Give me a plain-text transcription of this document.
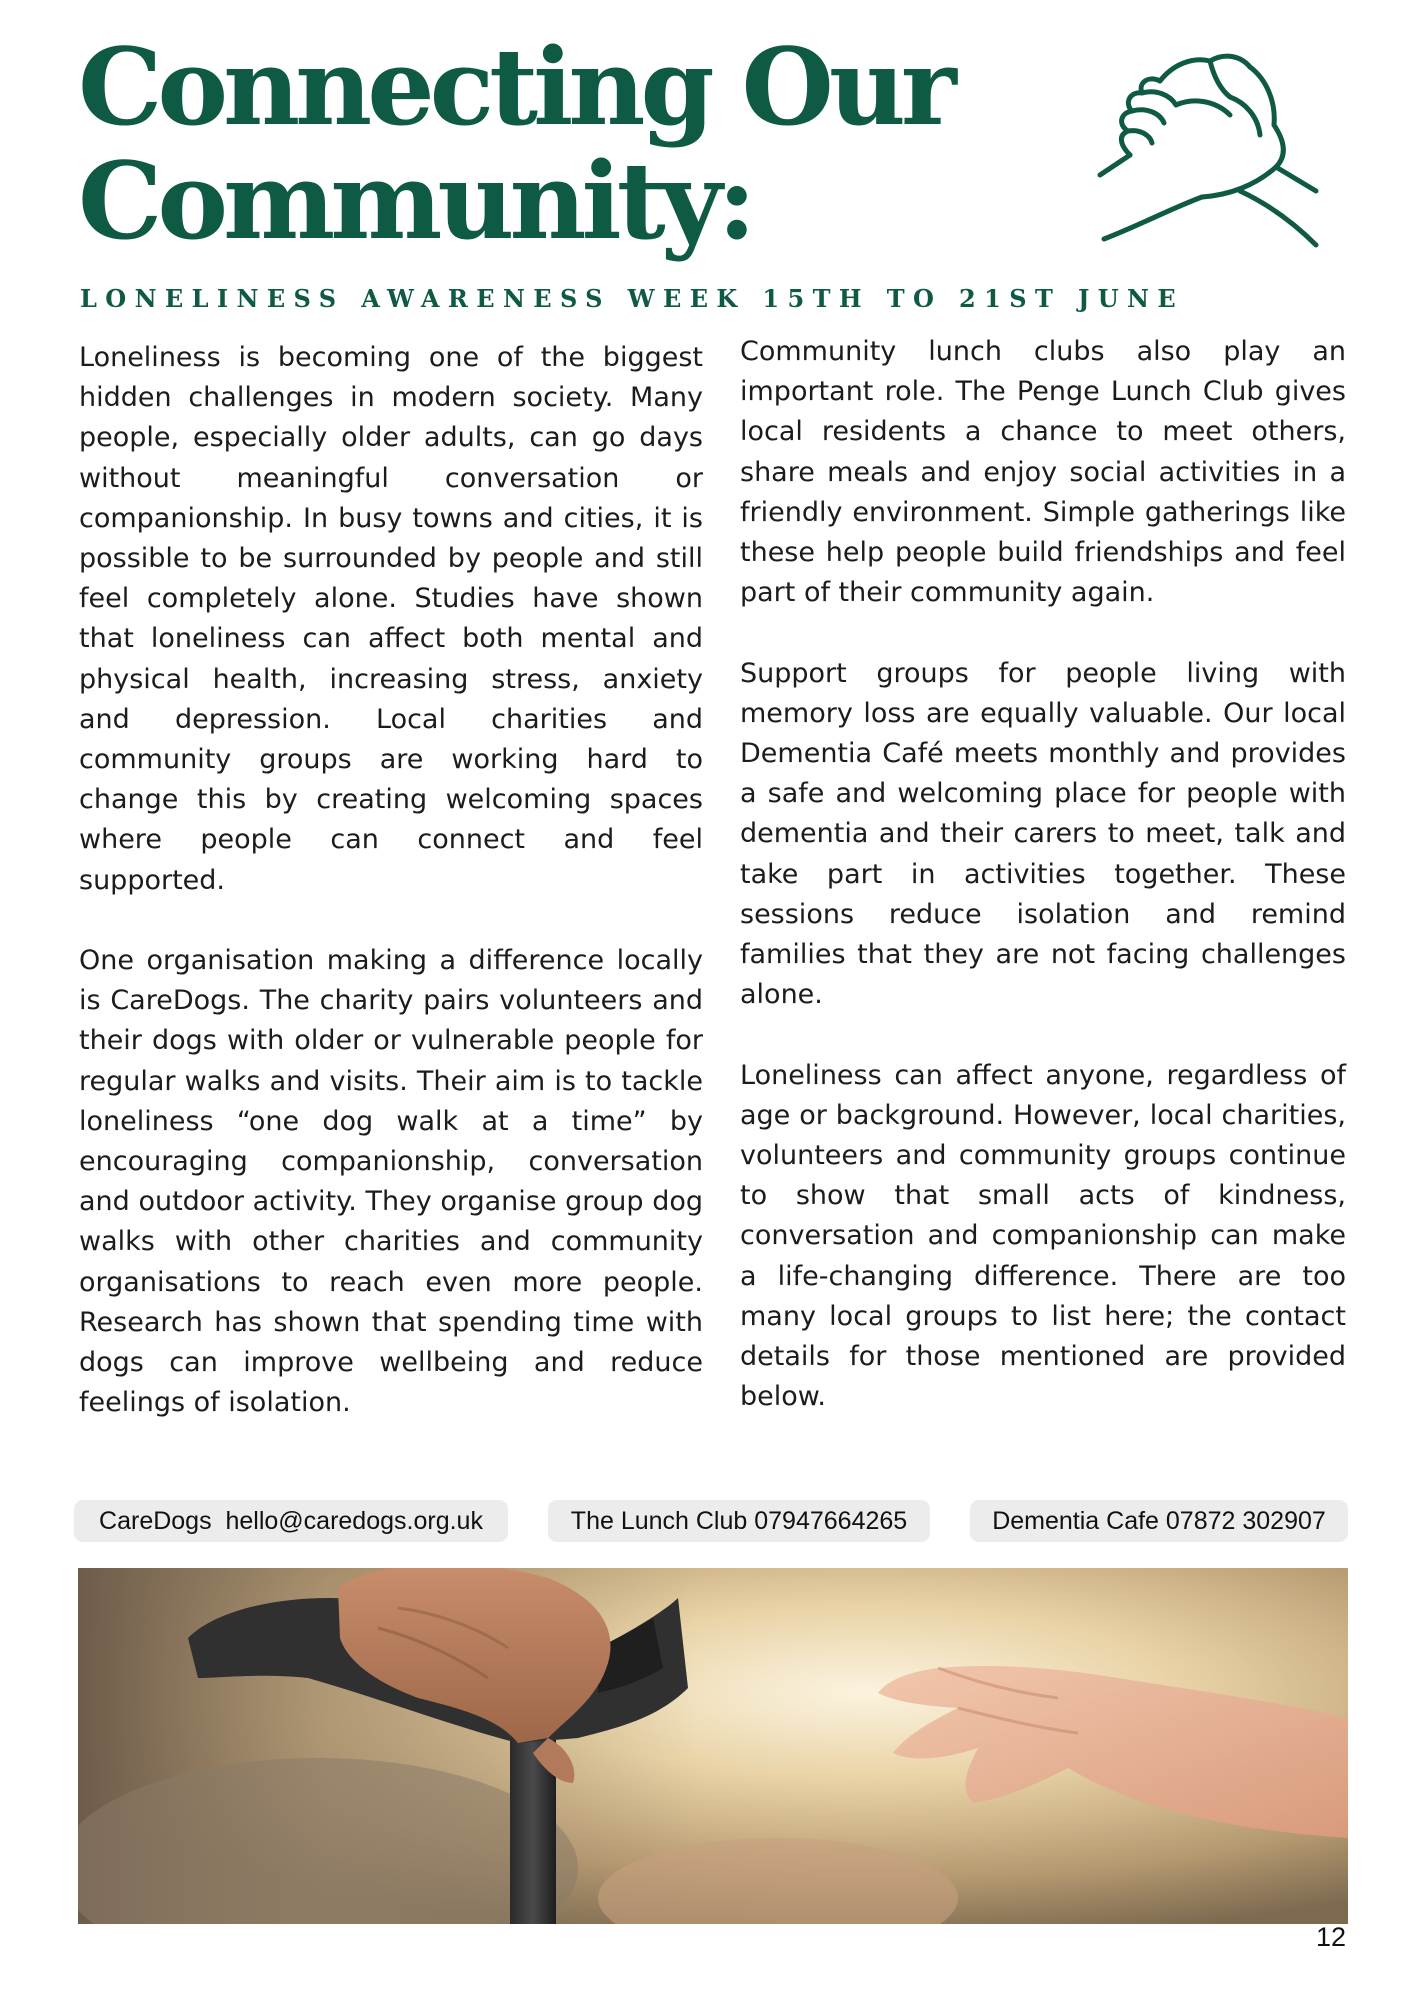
Connecting Our
Community:
LONELINESS AWARENESS WEEK 15TH TO 21ST JUNE

Loneliness is becoming one of the biggest hidden challenges in modern society. Many people, especially older adults, can go days without meaningful conversation or companionship. In busy towns and cities, it is possible to be surrounded by people and still feel completely alone. Studies have shown that loneliness can affect both mental and physical health, increasing stress, anxiety and depression. Local charities and community groups are working hard to change this by creating welcoming spaces where people can connect and feel supported.

One organisation making a difference locally is CareDogs. The charity pairs volunteers and their dogs with older or vulnerable people for regular walks and visits. Their aim is to tackle loneliness “one dog walk at a time” by encouraging companionship, conversation and outdoor activity. They organise group dog walks with other charities and community organisations to reach even more people. Research has shown that spending time with dogs can improve wellbeing and reduce feelings of isolation.

Community lunch clubs also play an important role. The Penge Lunch Club gives local residents a chance to meet others, share meals and enjoy social activities in a friendly environment. Simple gatherings like these help people build friendships and feel part of their community again.

Support groups for people living with memory loss are equally valuable. Our local Dementia Café meets monthly and provides a safe and welcoming place for people with dementia and their carers to meet, talk and take part in activities together. These sessions reduce isolation and remind families that they are not facing challenges alone.

Loneliness can affect anyone, regardless of age or background. However, local charities, volunteers and community groups continue to show that small acts of kindness, conversation and companionship can make a life-changing difference. There are too many local groups to list here; the contact details for those mentioned are provided below.

CareDogs  hello@caredogs.org.uk	The Lunch Club 07947664265	Dementia Cafe 07872 302907
12
